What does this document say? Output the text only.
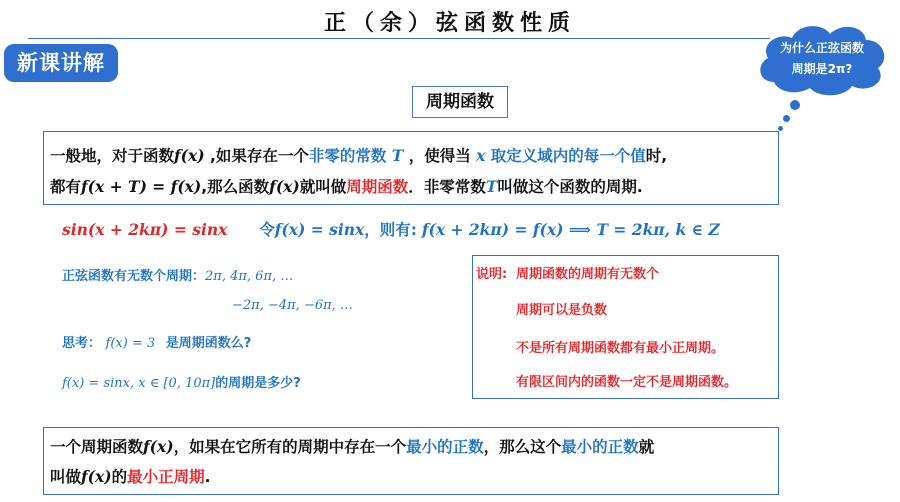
正（余）弦函数性质
新课讲解
为什么正弦函数
周期是2π?
周期函数
一般地，对于函数f(x) ,如果存在一个非零的常数 T ，使得当 x 取定义域内的每一个值时,
都有f(x + T) = f(x),那么函数f(x)就叫做周期函数．非零常数T叫做这个函数的周期.
sin(x + 2kπ) = sinx 令f(x) = sinx，则有: f(x + 2kπ) = f(x) ⟹ T = 2kπ, k ∈ Z
正弦函数有无数个周期：2π, 4π, 6π, …
−2π, −4π, −6π, …
思考： f(x) = 3 是周期函数么?
f(x) = sinx, x ∈ [0, 10π]的周期是多少?
说明: 周期函数的周期有无数个
周期可以是负数
不是所有周期函数都有最小正周期。
有限区间内的函数一定不是周期函数。
一个周期函数f(x)，如果在它所有的周期中存在一个最小的正数，那么这个最小的正数就
叫做f(x)的最小正周期.
